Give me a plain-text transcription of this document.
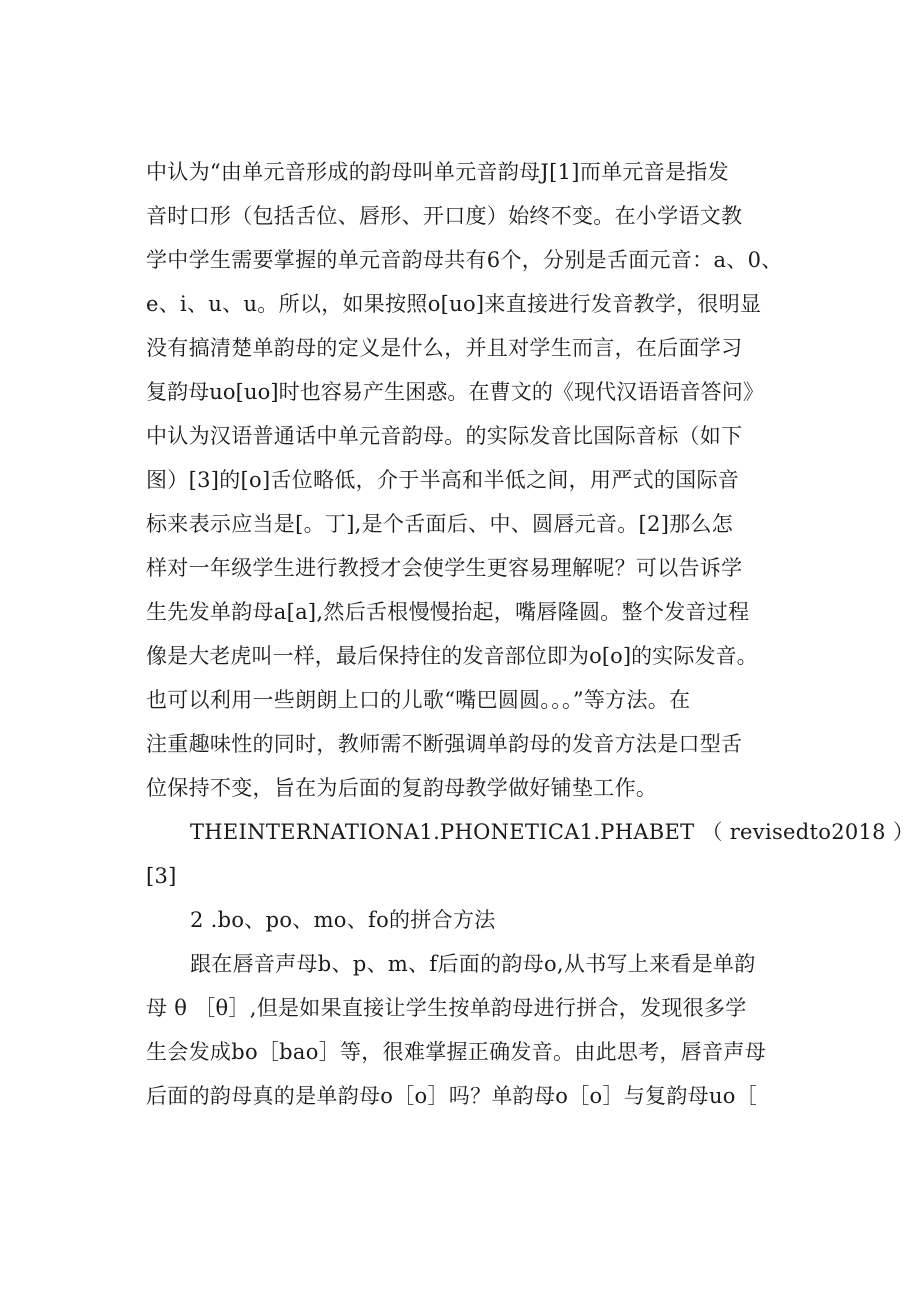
中认为“由单元音形成的韵母叫单元音韵母J[1]而单元音是指发
音时口形（包括舌位、唇形、开口度）始终不变。在小学语文教
学中学生需要掌握的单元音韵母共有6个，分别是舌面元音：a、0、
e、i、u、u。所以，如果按照o[uo]来直接进行发音教学，很明显
没有搞清楚单韵母的定义是什么，并且对学生而言，在后面学习
复韵母uo[uo]时也容易产生困惑。在曹文的《现代汉语语音答问》
中认为汉语普通话中单元音韵母。的实际发音比国际音标（如下
图）[3]的[o]舌位略低，介于半高和半低之间，用严式的国际音
标来表示应当是[。丁],是个舌面后、中、圆唇元音。[2]那么怎
样对一年级学生进行教授才会使学生更容易理解呢？可以告诉学
生先发单韵母a[a],然后舌根慢慢抬起，嘴唇隆圆。整个发音过程
像是大老虎叫一样，最后保持住的发音部位即为o[o]的实际发音。
也可以利用一些朗朗上口的儿歌“嘴巴圆圆。。。”等方法。在
注重趣味性的同时，教师需不断强调单韵母的发音方法是口型舌
位保持不变，旨在为后面的复韵母教学做好铺垫工作。
THEINTERNATIONA1.PHONETICA1.PHABET （ revisedto2018 ）
[3]
2 .bo、po、mo、fo的拼合方法
跟在唇音声母b、p、m、f后面的韵母o,从书写上来看是单韵
母 θ ［θ］,但是如果直接让学生按单韵母进行拼合，发现很多学
生会发成bo［bao］等，很难掌握正确发音。由此思考，唇音声母
后面的韵母真的是单韵母o［o］吗？单韵母o［o］与复韵母uo［
